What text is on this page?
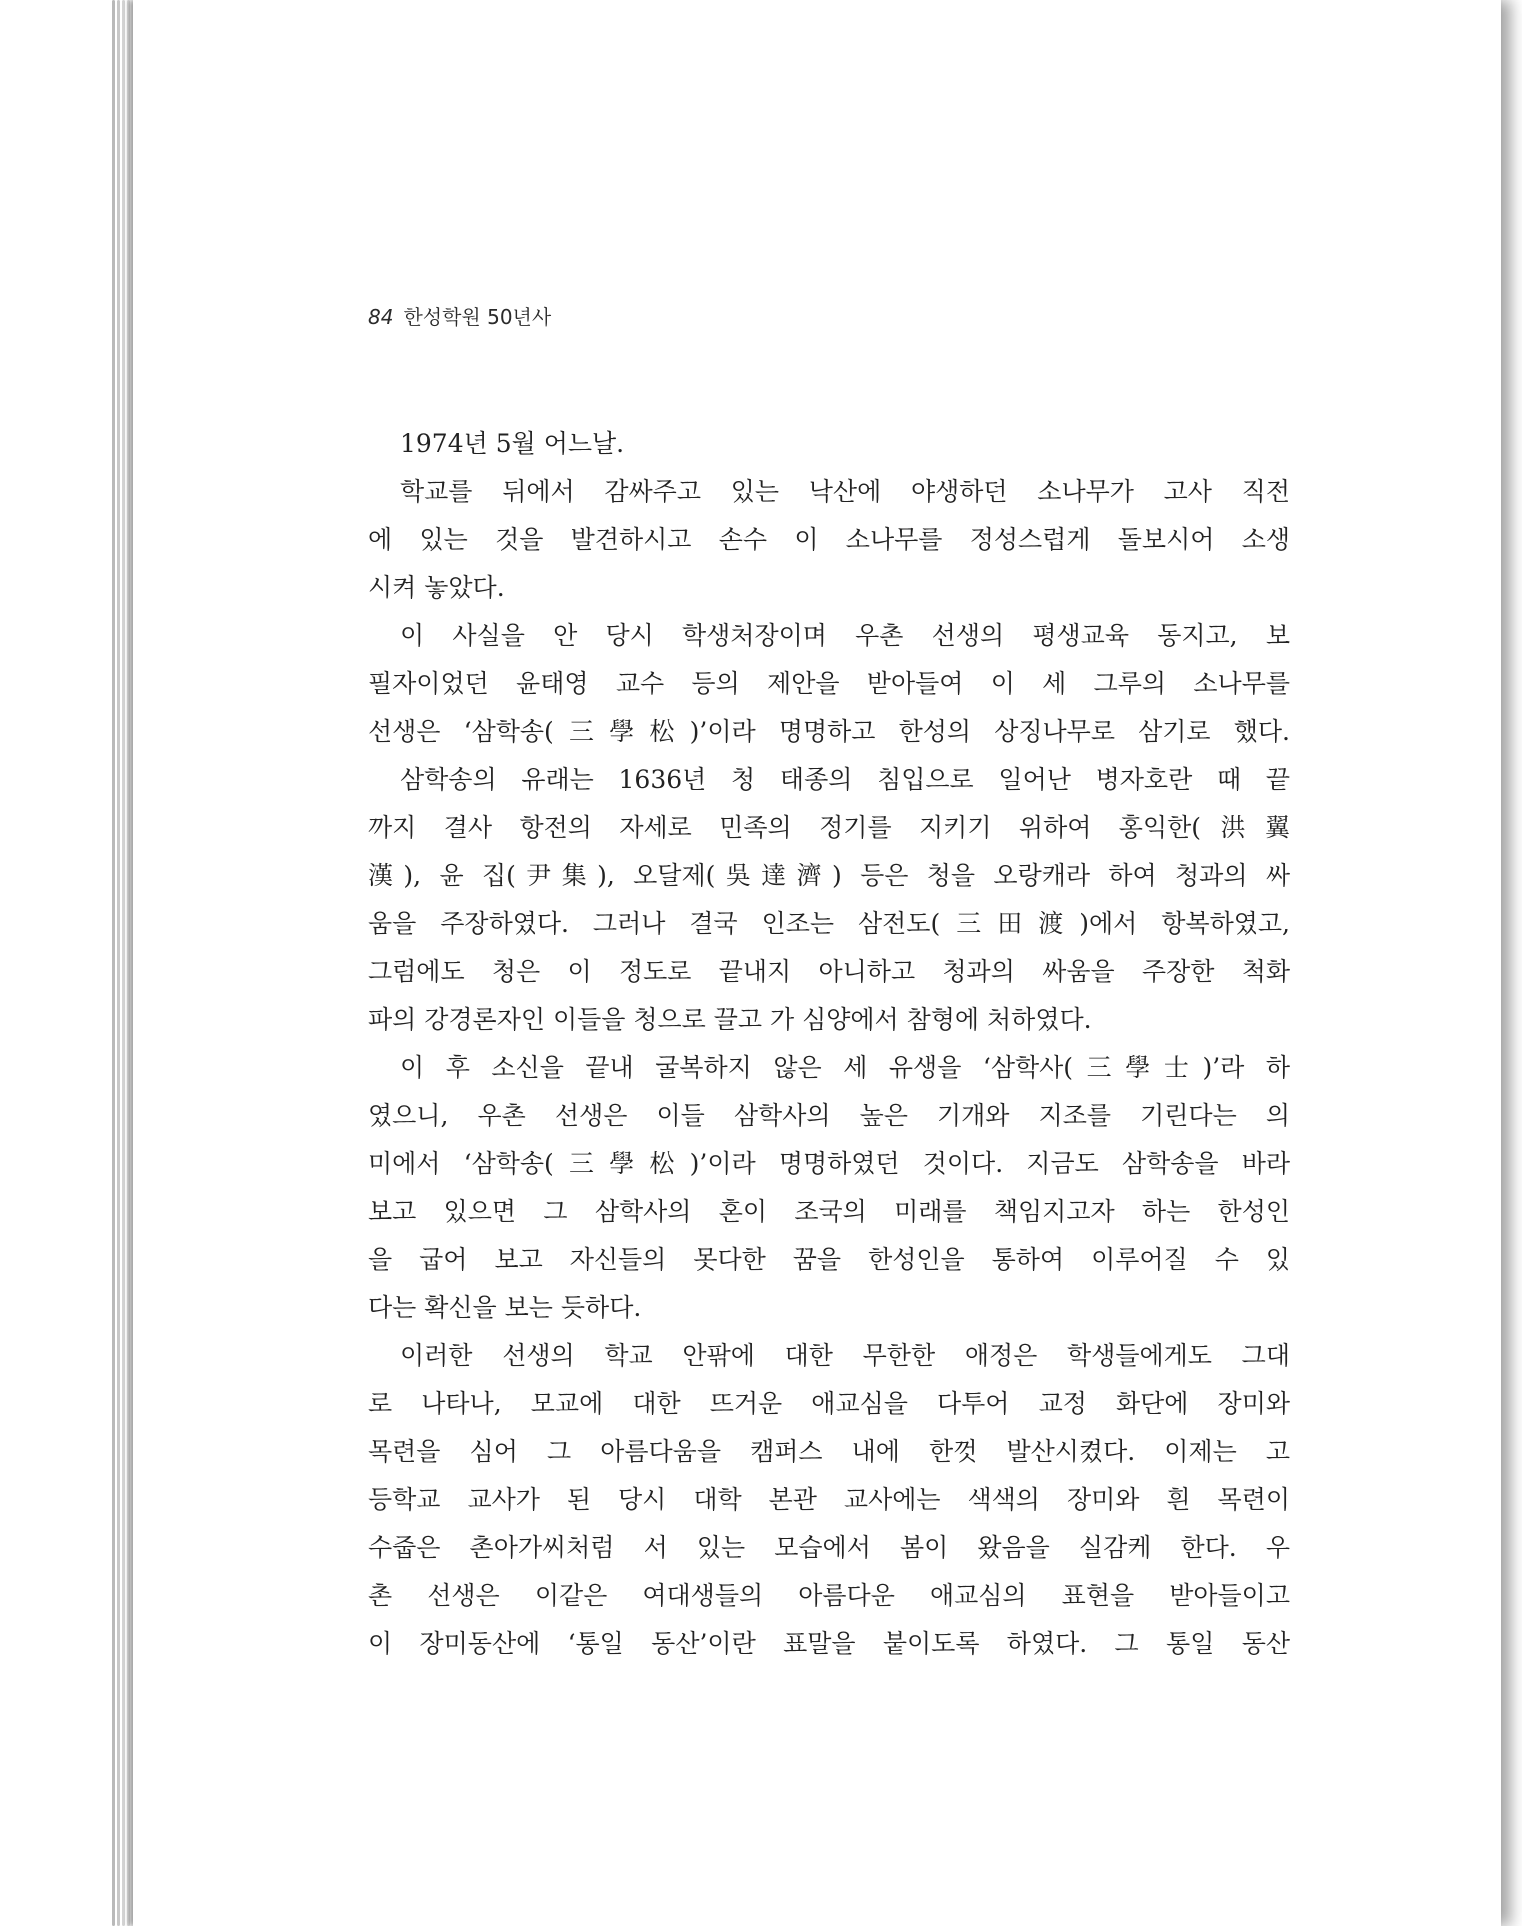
84 한성학원 50년사

1974년 5월 어느날.
학교를 뒤에서 감싸주고 있는 낙산에 야생하던 소나무가 고사 직전
에 있는 것을 발견하시고 손수 이 소나무를 정성스럽게 돌보시어 소생
시켜 놓았다.
이 사실을 안 당시 학생처장이며 우촌 선생의 평생교육 동지고, 보
필자이었던 윤태영 교수 등의 제안을 받아들여 이 세 그루의 소나무를
선생은 ‘삼학송(三學松)’이라 명명하고 한성의 상징나무로 삼기로 했다.
삼학송의 유래는 1636년 청 태종의 침입으로 일어난 병자호란 때 끝
까지 결사 항전의 자세로 민족의 정기를 지키기 위하여 홍익한(洪翼
漢), 윤 집(尹集), 오달제(吳達濟) 등은 청을 오랑캐라 하여 청과의 싸
움을 주장하였다. 그러나 결국 인조는 삼전도(三田渡)에서 항복하였고,
그럼에도 청은 이 정도로 끝내지 아니하고 청과의 싸움을 주장한 척화
파의 강경론자인 이들을 청으로 끌고 가 심양에서 참형에 처하였다.
이 후 소신을 끝내 굴복하지 않은 세 유생을 ‘삼학사(三學士)’라 하
였으니, 우촌 선생은 이들 삼학사의 높은 기개와 지조를 기린다는 의
미에서 ‘삼학송(三學松)’이라 명명하였던 것이다. 지금도 삼학송을 바라
보고 있으면 그 삼학사의 혼이 조국의 미래를 책임지고자 하는 한성인
을 굽어 보고 자신들의 못다한 꿈을 한성인을 통하여 이루어질 수 있
다는 확신을 보는 듯하다.
이러한 선생의 학교 안팎에 대한 무한한 애정은 학생들에게도 그대
로 나타나, 모교에 대한 뜨거운 애교심을 다투어 교정 화단에 장미와
목련을 심어 그 아름다움을 캠퍼스 내에 한껏 발산시켰다. 이제는 고
등학교 교사가 된 당시 대학 본관 교사에는 색색의 장미와 흰 목련이
수줍은 촌아가씨처럼 서 있는 모습에서 봄이 왔음을 실감케 한다. 우
촌 선생은 이같은 여대생들의 아름다운 애교심의 표현을 받아들이고
이 장미동산에 ‘통일 동산’이란 표말을 붙이도록 하였다. 그 통일 동산
